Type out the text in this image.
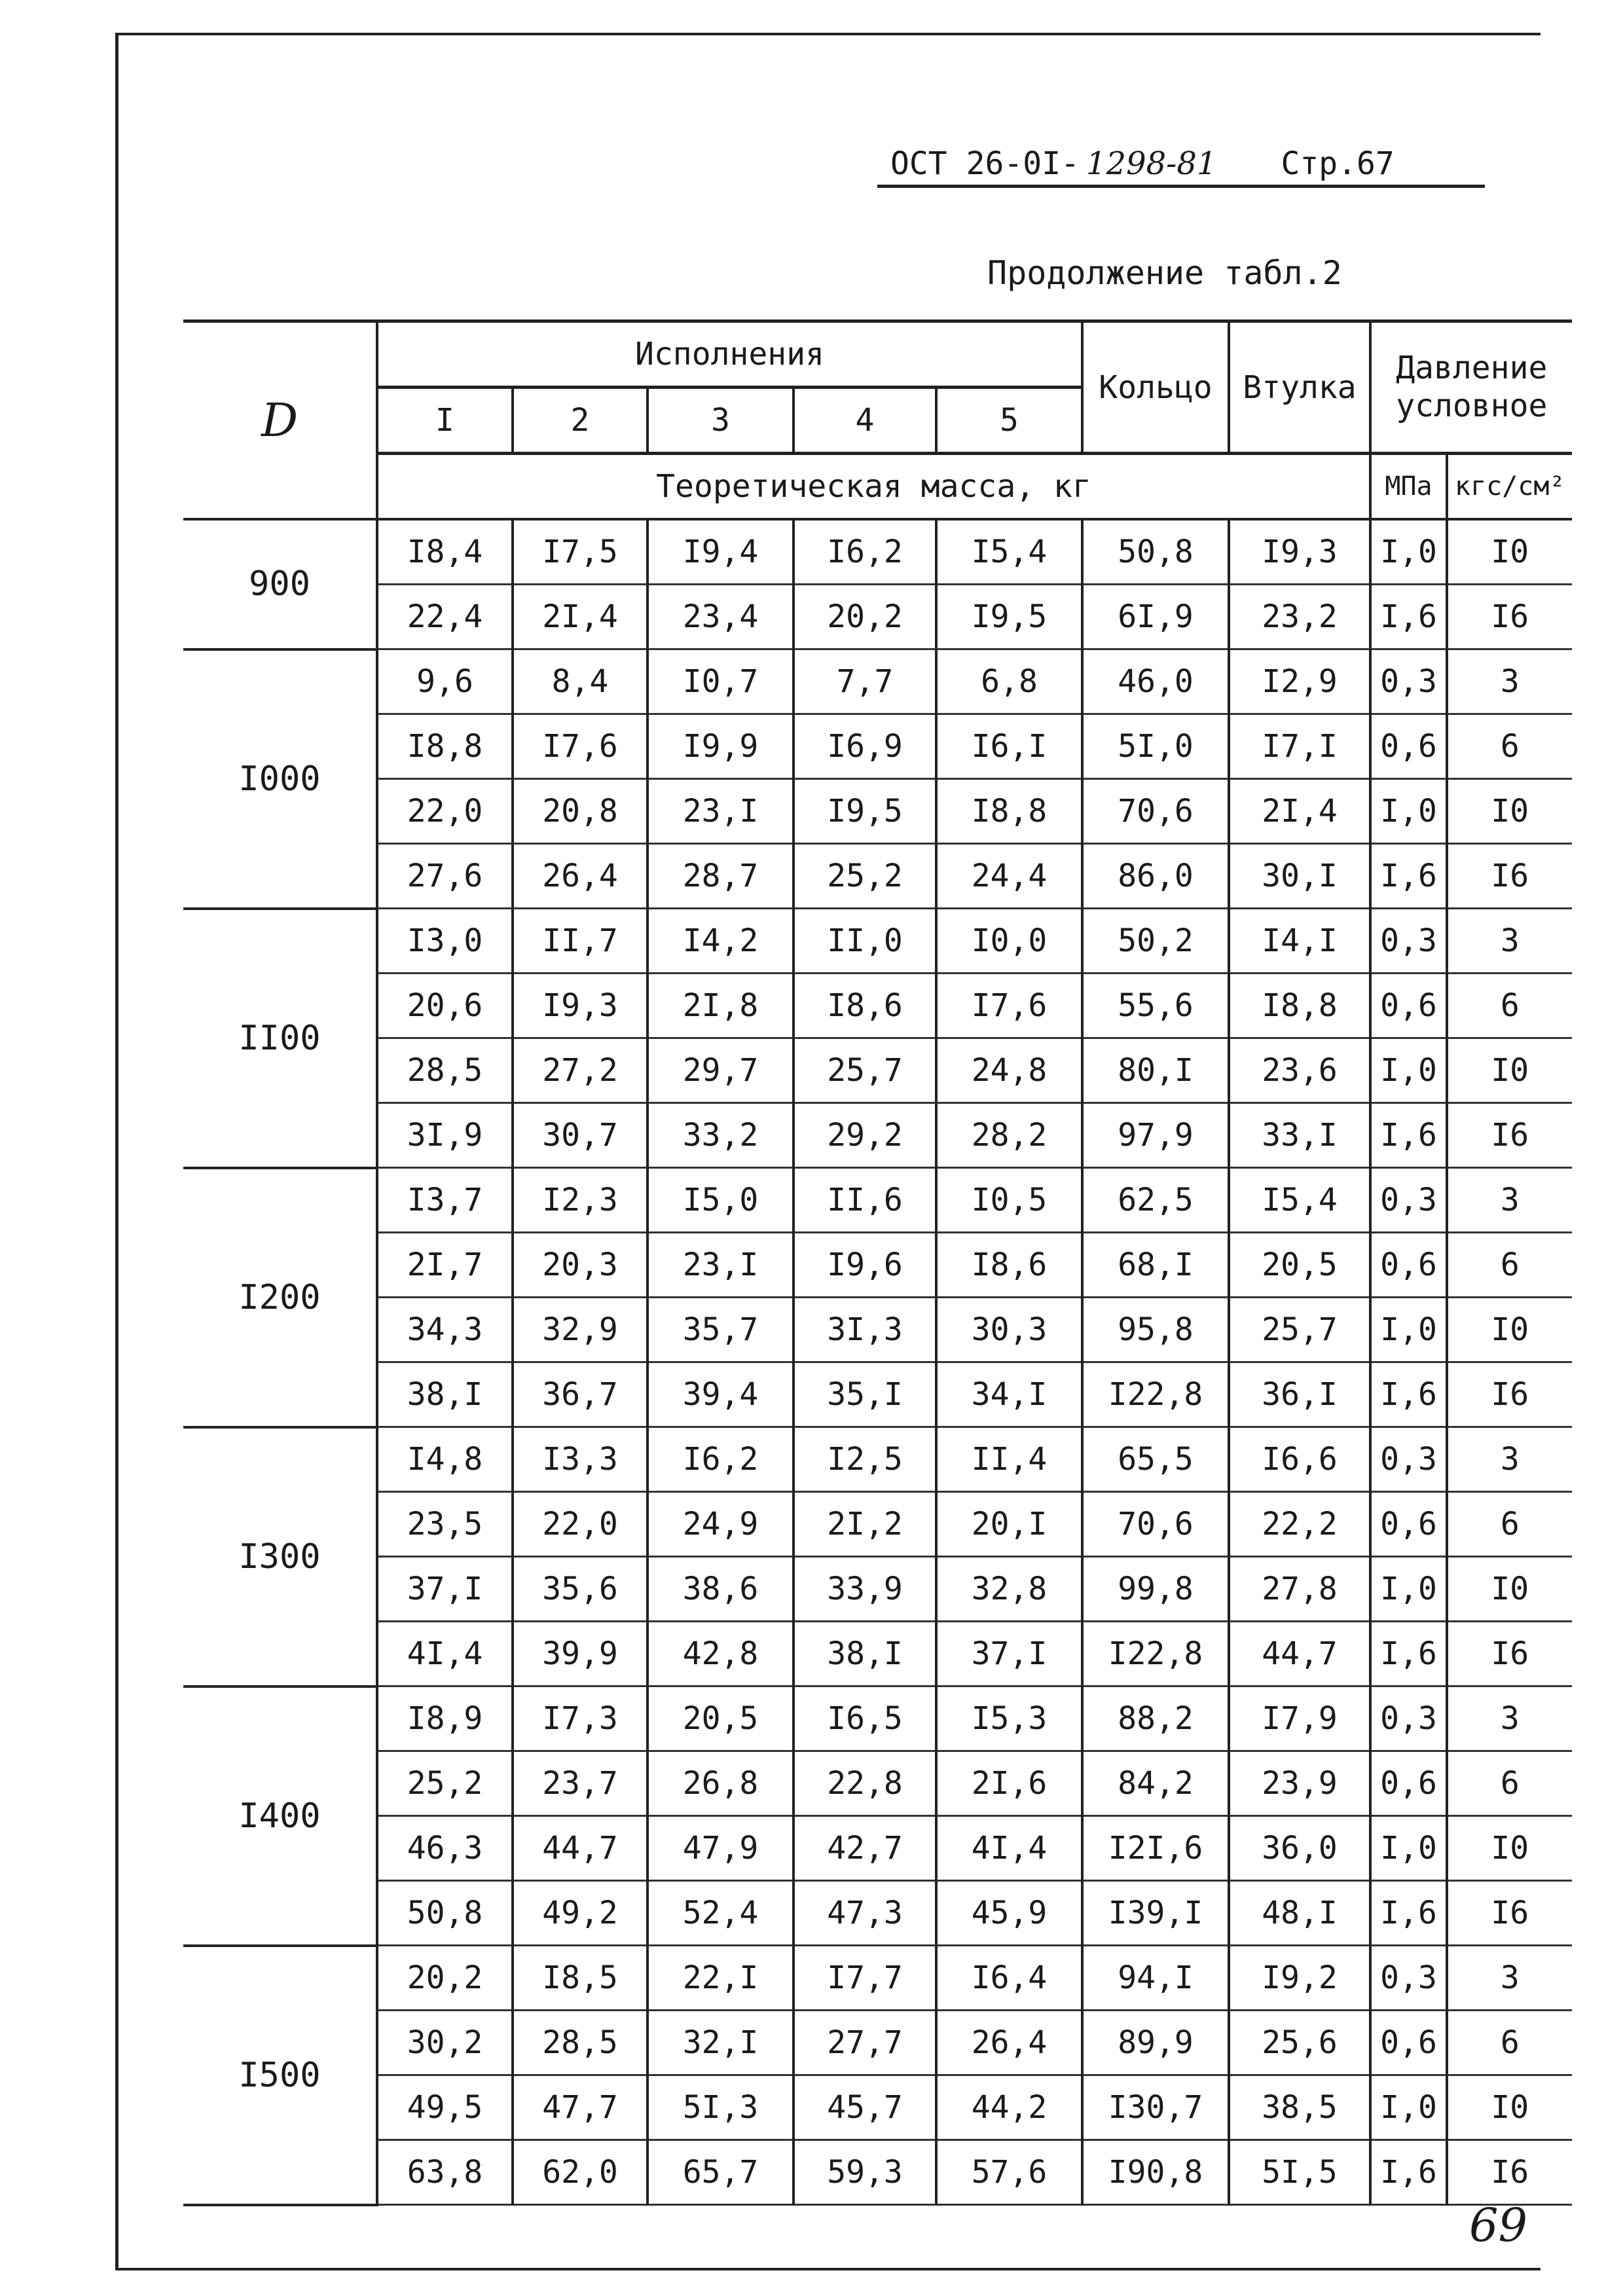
ОСТ 26-0I- 1298-81 Стр.67
Продолжение табл.2
D	Исполнения					Кольцо	Втулка	Давление условное	
	I	2	3	4	5				
	Теоретическая масса, кг							МПа	кгс/см²
900	I8,4	I7,5	I9,4	I6,2	I5,4	50,8	I9,3	I,0	I0
	22,4	2I,4	23,4	20,2	I9,5	6I,9	23,2	I,6	I6
I000	9,6	8,4	I0,7	7,7	6,8	46,0	I2,9	0,3	3
	I8,8	I7,6	I9,9	I6,9	I6,I	5I,0	I7,I	0,6	6
	22,0	20,8	23,I	I9,5	I8,8	70,6	2I,4	I,0	I0
	27,6	26,4	28,7	25,2	24,4	86,0	30,I	I,6	I6
II00	I3,0	II,7	I4,2	II,0	I0,0	50,2	I4,I	0,3	3
	20,6	I9,3	2I,8	I8,6	I7,6	55,6	I8,8	0,6	6
	28,5	27,2	29,7	25,7	24,8	80,I	23,6	I,0	I0
	3I,9	30,7	33,2	29,2	28,2	97,9	33,I	I,6	I6
I200	I3,7	I2,3	I5,0	II,6	I0,5	62,5	I5,4	0,3	3
	2I,7	20,3	23,I	I9,6	I8,6	68,I	20,5	0,6	6
	34,3	32,9	35,7	3I,3	30,3	95,8	25,7	I,0	I0
	38,I	36,7	39,4	35,I	34,I	I22,8	36,I	I,6	I6
I300	I4,8	I3,3	I6,2	I2,5	II,4	65,5	I6,6	0,3	3
	23,5	22,0	24,9	2I,2	20,I	70,6	22,2	0,6	6
	37,I	35,6	38,6	33,9	32,8	99,8	27,8	I,0	I0
	4I,4	39,9	42,8	38,I	37,I	I22,8	44,7	I,6	I6
I400	I8,9	I7,3	20,5	I6,5	I5,3	88,2	I7,9	0,3	3
	25,2	23,7	26,8	22,8	2I,6	84,2	23,9	0,6	6
	46,3	44,7	47,9	42,7	4I,4	I2I,6	36,0	I,0	I0
	50,8	49,2	52,4	47,3	45,9	I39,I	48,I	I,6	I6
I500	20,2	I8,5	22,I	I7,7	I6,4	94,I	I9,2	0,3	3
	30,2	28,5	32,I	27,7	26,4	89,9	25,6	0,6	6
	49,5	47,7	5I,3	45,7	44,2	I30,7	38,5	I,0	I0
	63,8	62,0	65,7	59,3	57,6	I90,8	5I,5	I,6	I6
69
